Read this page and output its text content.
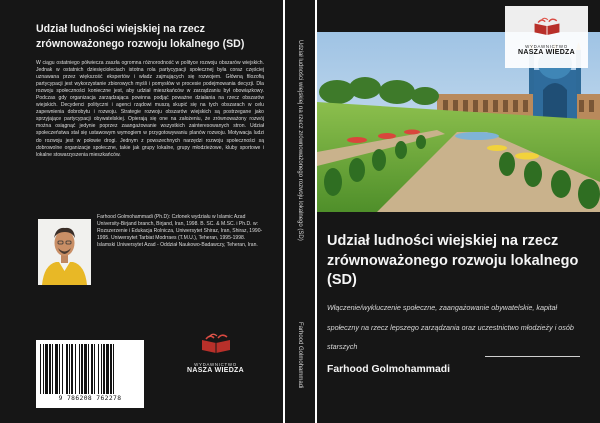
Udział ludności wiejskiej na rzecz zrównoważonego rozwoju lokalnego (SD)

W ciągu ostatniego półwiecza zaszła ogromna różnorodność w polityce rozwoju obszarów wiejskich. Jednak w ostatnich dziesięcioleciach istotna rola partycypacji społecznej była coraz częściej uznawana przez większość ekspertów i władz zajmujących się rozwojem. Główną filozofią partycypacji jest wykorzystanie zbiorowych myśli i pomysłów w procesie podejmowania decyzji. Dla rozwoju społeczności konieczne jest, aby udział mieszkańców w zarządzaniu był obowiązkowy. Podczas gdy organizacja zarządzająca powinna podjąć poważne działania na rzecz obszarów wiejskich. Decydenci polityczni i agenci rządowi muszą skupić się na tych obszarach w celu zapewnienia dobrobytu i rozwoju. Strategie rozwoju obszarów wiejskich są postrzegane jako sprzyjające partycypacji obywatelskiej. Opierają się one na założeniu, że zrównoważony rozwój można osiągnąć jedynie poprzez zaangażowanie wszystkich zainteresowanych stron. Udział społeczeństwa stał się ustawowym wymogiem w przygotowywaniu planów rozwoju. Motywacja ludzi do rozwoju jest w połowie drogi. Jednym z powszechnych narzędzi rozwoju społeczności są dobrowolne organizacje społeczne, takie jak grupy lokalne, grupy młodzieżowe, kluby sportowe i lokalne stowarzyszenia mieszkańców.

Farhood Golmohammadi (Ph.D): Członek wydziału w Islamic Azad University-Birjand branch, Birjand, Iran, 1998. B. SC. & M.SC. i Ph.D. w: Rozszerzenie i Edukacja Rolnicza, Uniwersytet Shiraz, Iran, Shiraz, 1990-1995. Uniwersytet Tarbiat Modrraes (T.M.U.), Teheran, 1995-1998. Islamski Uniwersytet Azad - Oddział Naukowo-Badawczy, Teheran, Iran.

9 786208 762278
WYDAWNICTWO
NASZA WIEDZA
Udział ludności wiejskiej na rzecz zrównoważonego rozwoju lokalnego (SD)
Farhood Golmohammadi
WYDAWNICTWO
NASZA WIEDZA
Udział ludności wiejskiej na rzecz zrównoważonego rozwoju lokalnego (SD)
Włączenie/wykluczenie społeczne, zaangażowanie obywatelskie, kapitał społeczny na rzecz lepszego zarządzania oraz uczestnictwo młodzieży i osób starszych
Farhood Golmohammadi
